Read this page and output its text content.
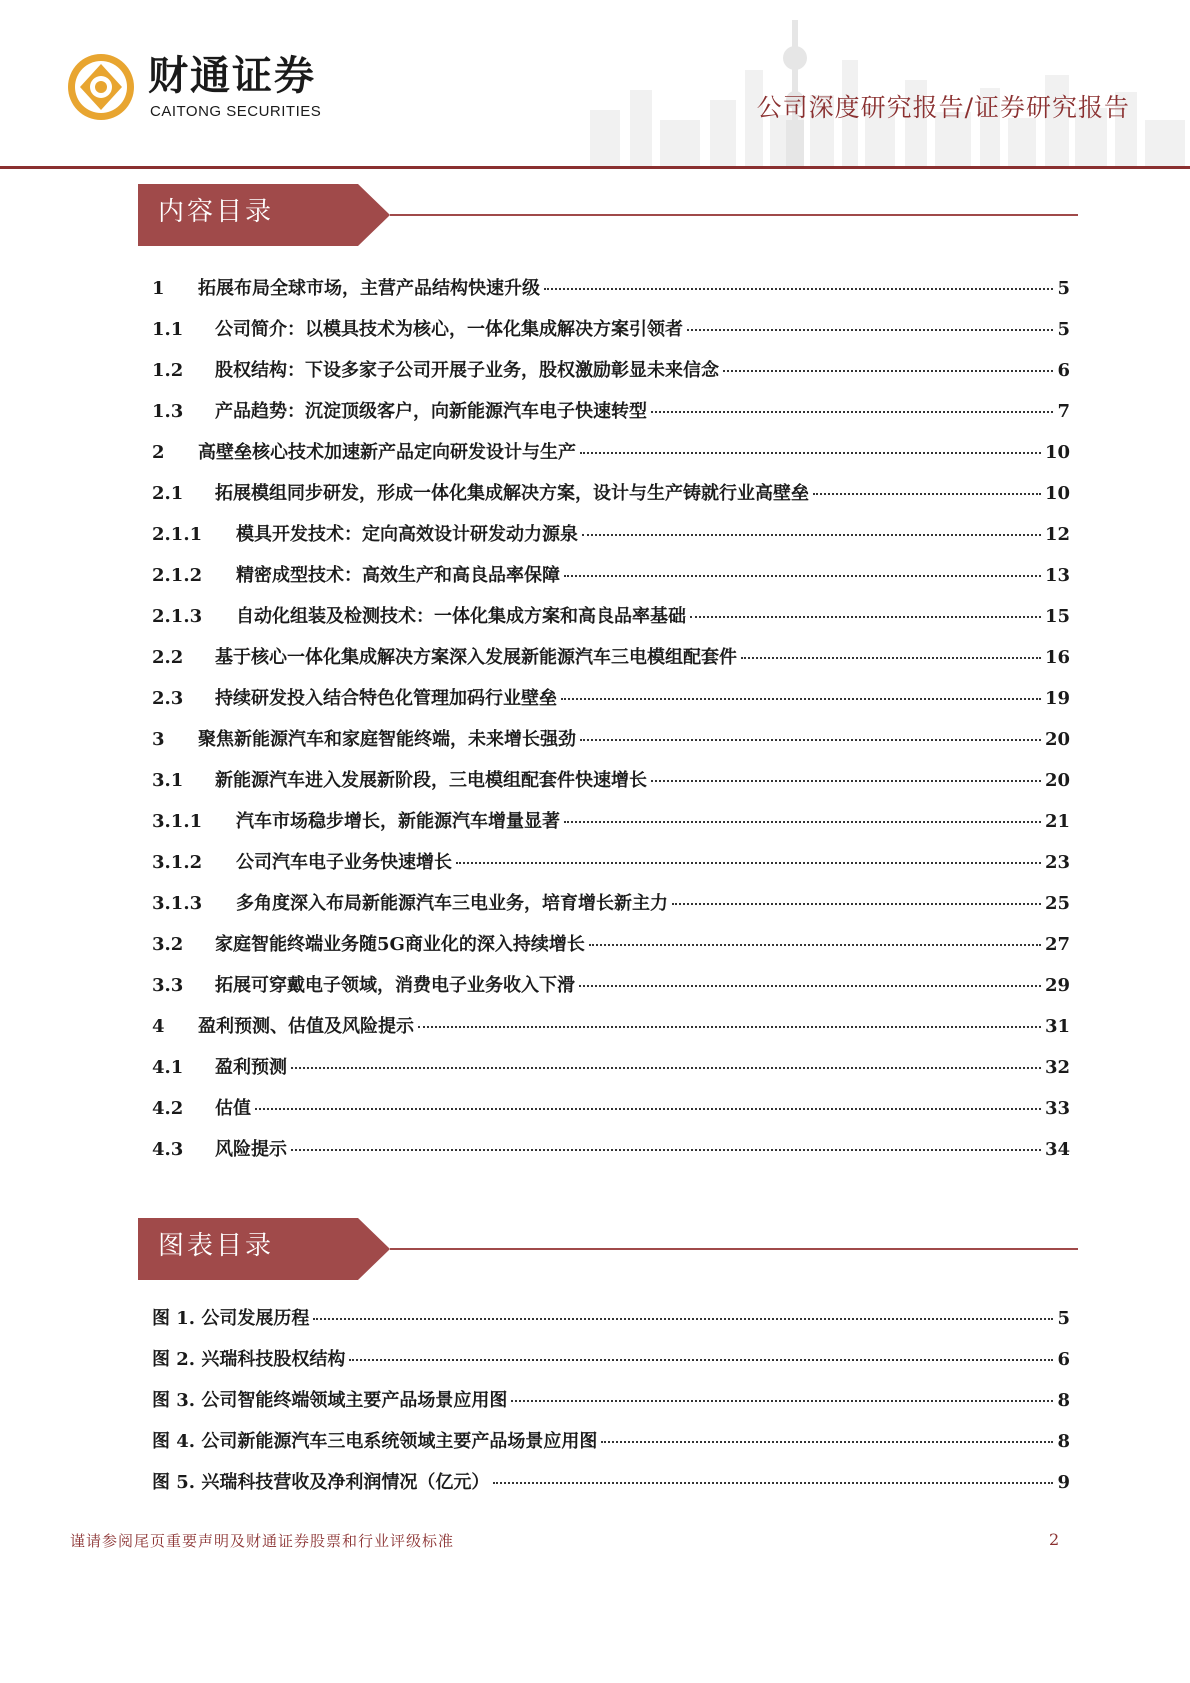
财通证券
CAITONG SECURITIES	公司深度研究报告/证券研究报告
内容目录
1	拓展布局全球市场，主营产品结构快速升级	5
1.1	公司简介：以模具技术为核心，一体化集成解决方案引领者	5
1.2	股权结构：下设多家子公司开展子业务，股权激励彰显未来信念	6
1.3	产品趋势：沉淀顶级客户，向新能源汽车电子快速转型	7
2	高壁垒核心技术加速新产品定向研发设计与生产	10
2.1	拓展模组同步研发，形成一体化集成解决方案，设计与生产铸就行业高壁垒	10
2.1.1	模具开发技术：定向高效设计研发动力源泉	12
2.1.2	精密成型技术：高效生产和高良品率保障	13
2.1.3	自动化组装及检测技术：一体化集成方案和高良品率基础	15
2.2	基于核心一体化集成解决方案深入发展新能源汽车三电模组配套件	16
2.3	持续研发投入结合特色化管理加码行业壁垒	19
3	聚焦新能源汽车和家庭智能终端，未来增长强劲	20
3.1	新能源汽车进入发展新阶段，三电模组配套件快速增长	20
3.1.1	汽车市场稳步增长，新能源汽车增量显著	21
3.1.2	公司汽车电子业务快速增长	23
3.1.3	多角度深入布局新能源汽车三电业务，培育增长新主力	25
3.2	家庭智能终端业务随5G商业化的深入持续增长	27
3.3	拓展可穿戴电子领域，消费电子业务收入下滑	29
4	盈利预测、估值及风险提示	31
4.1	盈利预测	32
4.2	估值	33
4.3	风险提示	34
图表目录
图 1. 公司发展历程	5
图 2. 兴瑞科技股权结构	6
图 3. 公司智能终端领域主要产品场景应用图	8
图 4. 公司新能源汽车三电系统领域主要产品场景应用图	8
图 5. 兴瑞科技营收及净利润情况（亿元）	9
谨请参阅尾页重要声明及财通证券股票和行业评级标准	2
